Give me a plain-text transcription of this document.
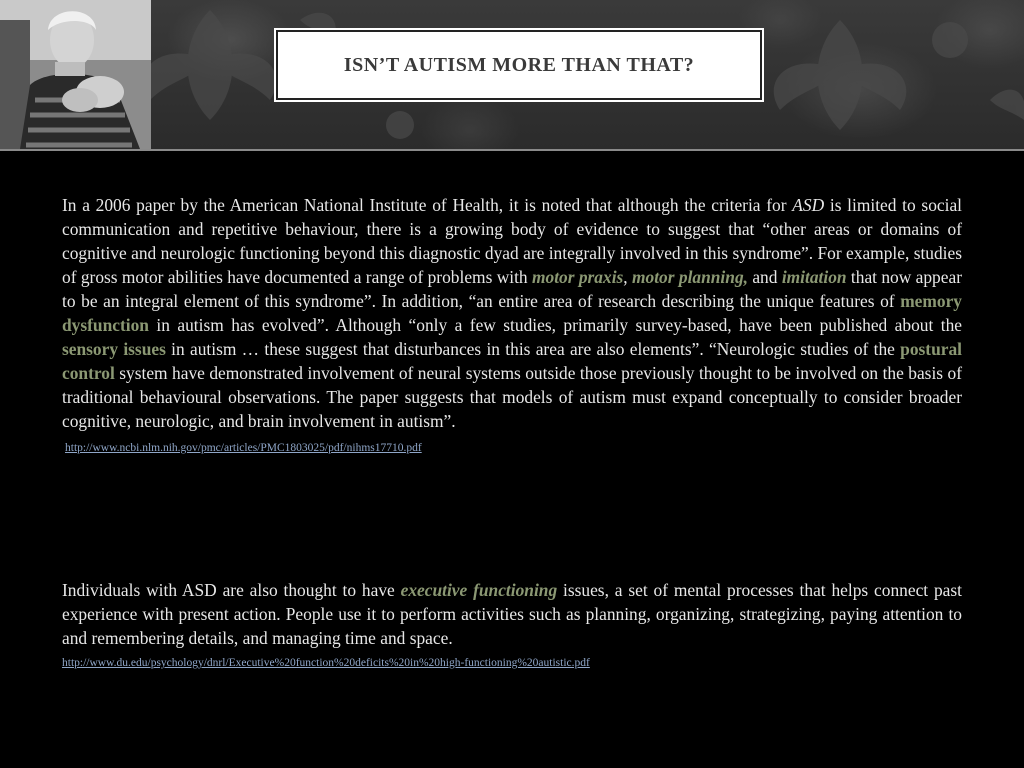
ISN’T AUTISM MORE THAN THAT?

In a 2006 paper by the American National Institute of Health, it is noted that although the criteria for ASD is limited to social communication and repetitive behaviour, there is a growing body of evidence to suggest that “other areas or domains of cognitive and neurologic functioning beyond this diagnostic dyad are integrally involved in this syndrome”. For example, studies of gross motor abilities have documented a range of problems with motor praxis, motor planning, and imitation that now appear to be an integral element of this syndrome”. In addition, “an entire area of research describing the unique features of memory dysfunction in autism has evolved”. Although “only a few studies, primarily survey-based, have been published about the sensory issues in autism … these suggest that disturbances in this area are also elements”. “Neurologic studies of the postural control system have demonstrated involvement of neural systems outside those previously thought to be involved on the basis of traditional behavioural observations. The paper suggests that models of autism must expand conceptually to consider broader cognitive, neurologic, and brain involvement in autism”.

http://www.ncbi.nlm.nih.gov/pmc/articles/PMC1803025/pdf/nihms17710.pdf

Individuals with ASD are also thought to have executive functioning issues, a set of mental processes that helps connect past experience with present action. People use it to perform activities such as planning, organizing, strategizing, paying attention to and remembering details, and managing time and space.

http://www.du.edu/psychology/dnrl/Executive%20function%20deficits%20in%20high-functioning%20autistic.pdf
